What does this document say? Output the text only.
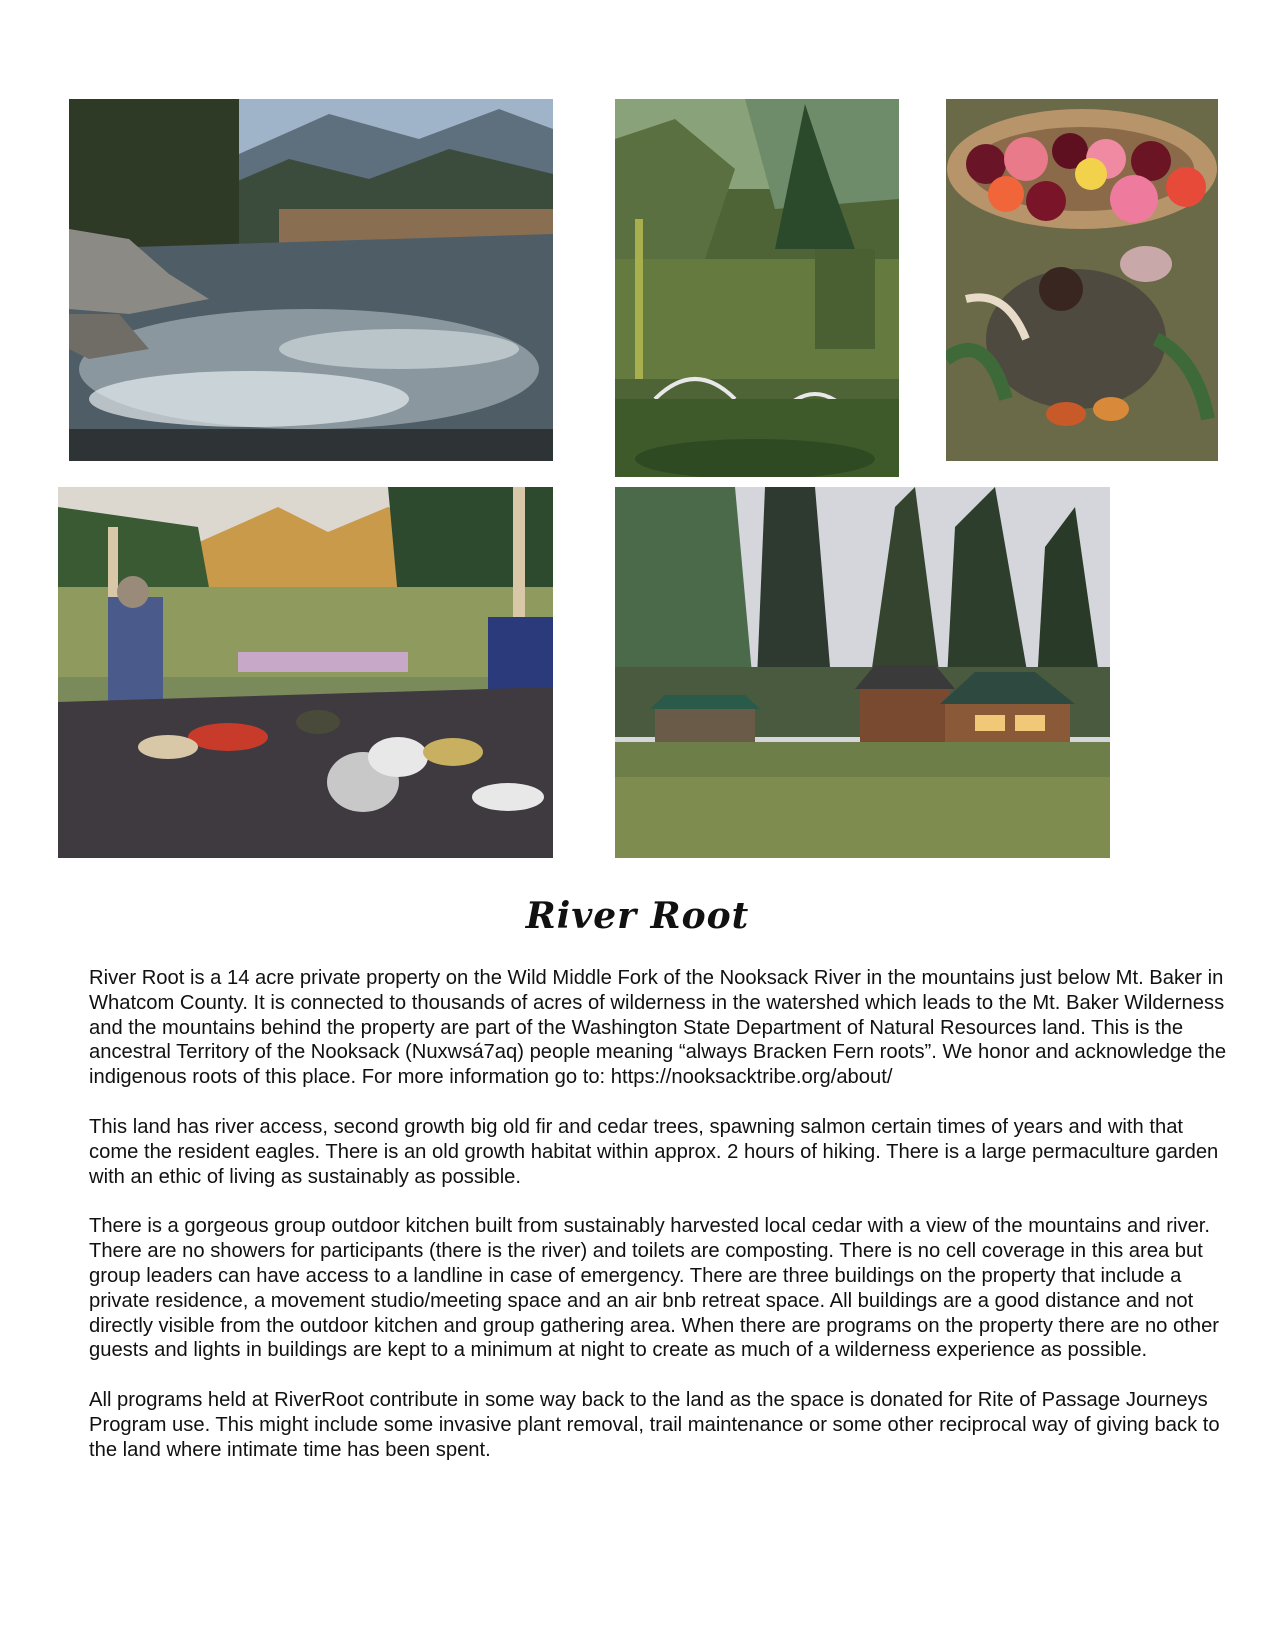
River Root

River Root is a 14 acre private property on the Wild Middle Fork of the Nooksack River in the mountains just below Mt. Baker in Whatcom County. It is connected to thousands of acres of wilderness in the watershed which leads to the Mt. Baker Wilderness and the mountains behind the property are part of the Washington State Department of Natural Resources land. This is the ancestral Territory of the Nooksack (Nuxwsá7aq) people meaning “always Bracken Fern roots”. We honor and acknowledge the indigenous roots of this place. For more information go to: https://nooksacktribe.org/about/

This land has river access, second growth big old fir and cedar trees, spawning salmon certain times of years and with that come the resident eagles. There is an old growth habitat within approx. 2 hours of hiking. There is a large permaculture garden with an ethic of living as sustainably as possible.

There is a gorgeous group outdoor kitchen built from sustainably harvested local cedar with a view of the mountains and river. There are no showers for participants (there is the river) and toilets are composting. There is no cell coverage in this area but group leaders can have access to a landline in case of emergency. There are three buildings on the property that include a private residence, a movement studio/meeting space and an air bnb retreat space. All buildings are a good distance and not directly visible from the outdoor kitchen and group gathering area. When there are programs on the property there are no other guests and lights in buildings are kept to a minimum at night to create as much of a wilderness experience as possible.

All programs held at RiverRoot contribute in some way back to the land as the space is donated for Rite of Passage Journeys Program use. This might include some invasive plant removal, trail maintenance or some other reciprocal way of giving back to the land where intimate time has been spent.
